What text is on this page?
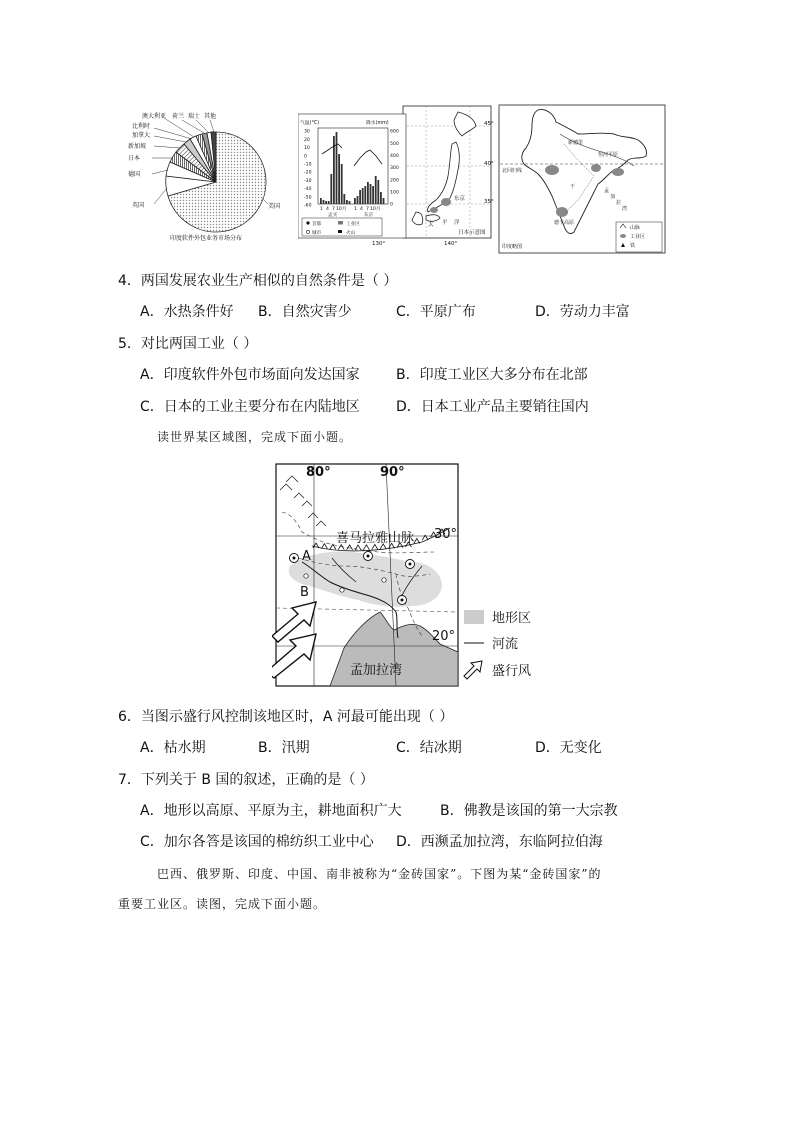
澳大利亚 荷兰 瑞士 其他
比利时
加拿大
新加坡
日本
德国
英国	美国
印度软件外包业务市场分布
45°
40°
35°
东京
太 平 洋
日本示意图
130°	140°
气温(°C)	降水(mm)
30
20
10
0
-10
-20
-30
-40
-50
-60
600
500
400
300
200
100
0
1 4 7 10月 1 4 7 10月
孟买	东京
首都	工业区
城市	火山
新德里
恒河平原
北回归线
孟
加
拉
湾
干
德干高原
印度略图
山脉
工业区
铁
4．两国发展农业生产相似的自然条件是（ ）
A．水热条件好 B．自然灾害少	C．平原广布	D．劳动力丰富
5．对比两国工业（ ）
A．印度软件外包市场面向发达国家	B．印度工业区大多分布在北部
C．日本的工业主要分布在内陆地区	D．日本工业产品主要销往国内
读世界某区域图，完成下面小题。
80°	90°
30°
20°
喜马拉雅山脉
A
B
孟加拉湾
地形区
河流
盛行风
6．当图示盛行风控制该地区时，A 河最可能出现（ ）
A．枯水期	B．汛期	C．结冰期	D．无变化
7．下列关于 B 国的叙述，正确的是（ ）
A．地形以高原、平原为主，耕地面积广大	B．佛教是该国的第一大宗教
C．加尔各答是该国的棉纺织工业中心 D．西濒孟加拉湾，东临阿拉伯海
巴西、俄罗斯、印度、中国、南非被称为“金砖国家”。下图为某“金砖国家”的
重要工业区。读图，完成下面小题。
